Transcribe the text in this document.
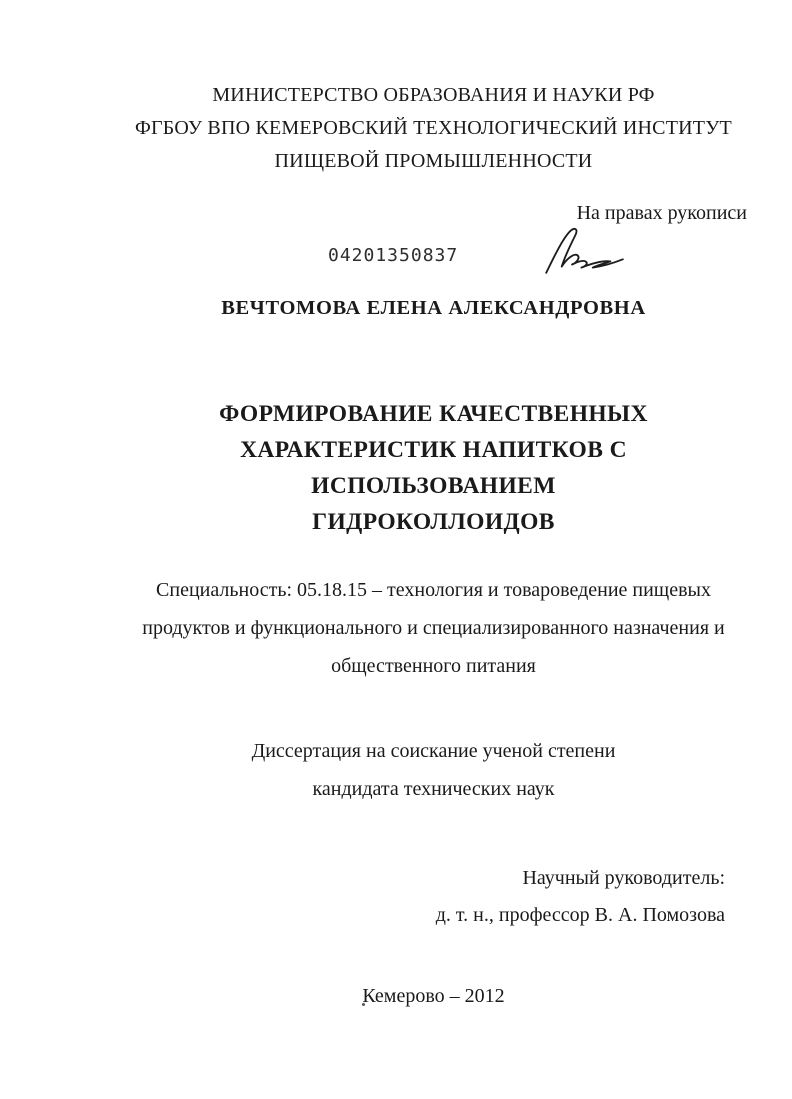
МИНИСТЕРСТВО ОБРАЗОВАНИЯ И НАУКИ РФ
ФГБОУ ВПО КЕМЕРОВСКИЙ ТЕХНОЛОГИЧЕСКИЙ ИНСТИТУТ
ПИЩЕВОЙ ПРОМЫШЛЕННОСТИ
На правах рукописи
04201350837
ВЕЧТОМОВА ЕЛЕНА АЛЕКСАНДРОВНА
ФОРМИРОВАНИЕ КАЧЕСТВЕННЫХ
ХАРАКТЕРИСТИК НАПИТКОВ С ИСПОЛЬЗОВАНИЕМ
ГИДРОКОЛЛОИДОВ
Специальность: 05.18.15 – технология и товароведение пищевых
продуктов и функционального и специализированного назначения и
общественного питания
Диссертация на соискание ученой степени
кандидата технических наук
Научный руководитель:
д. т. н., профессор В. А. Помозова
Кемерово – 2012
